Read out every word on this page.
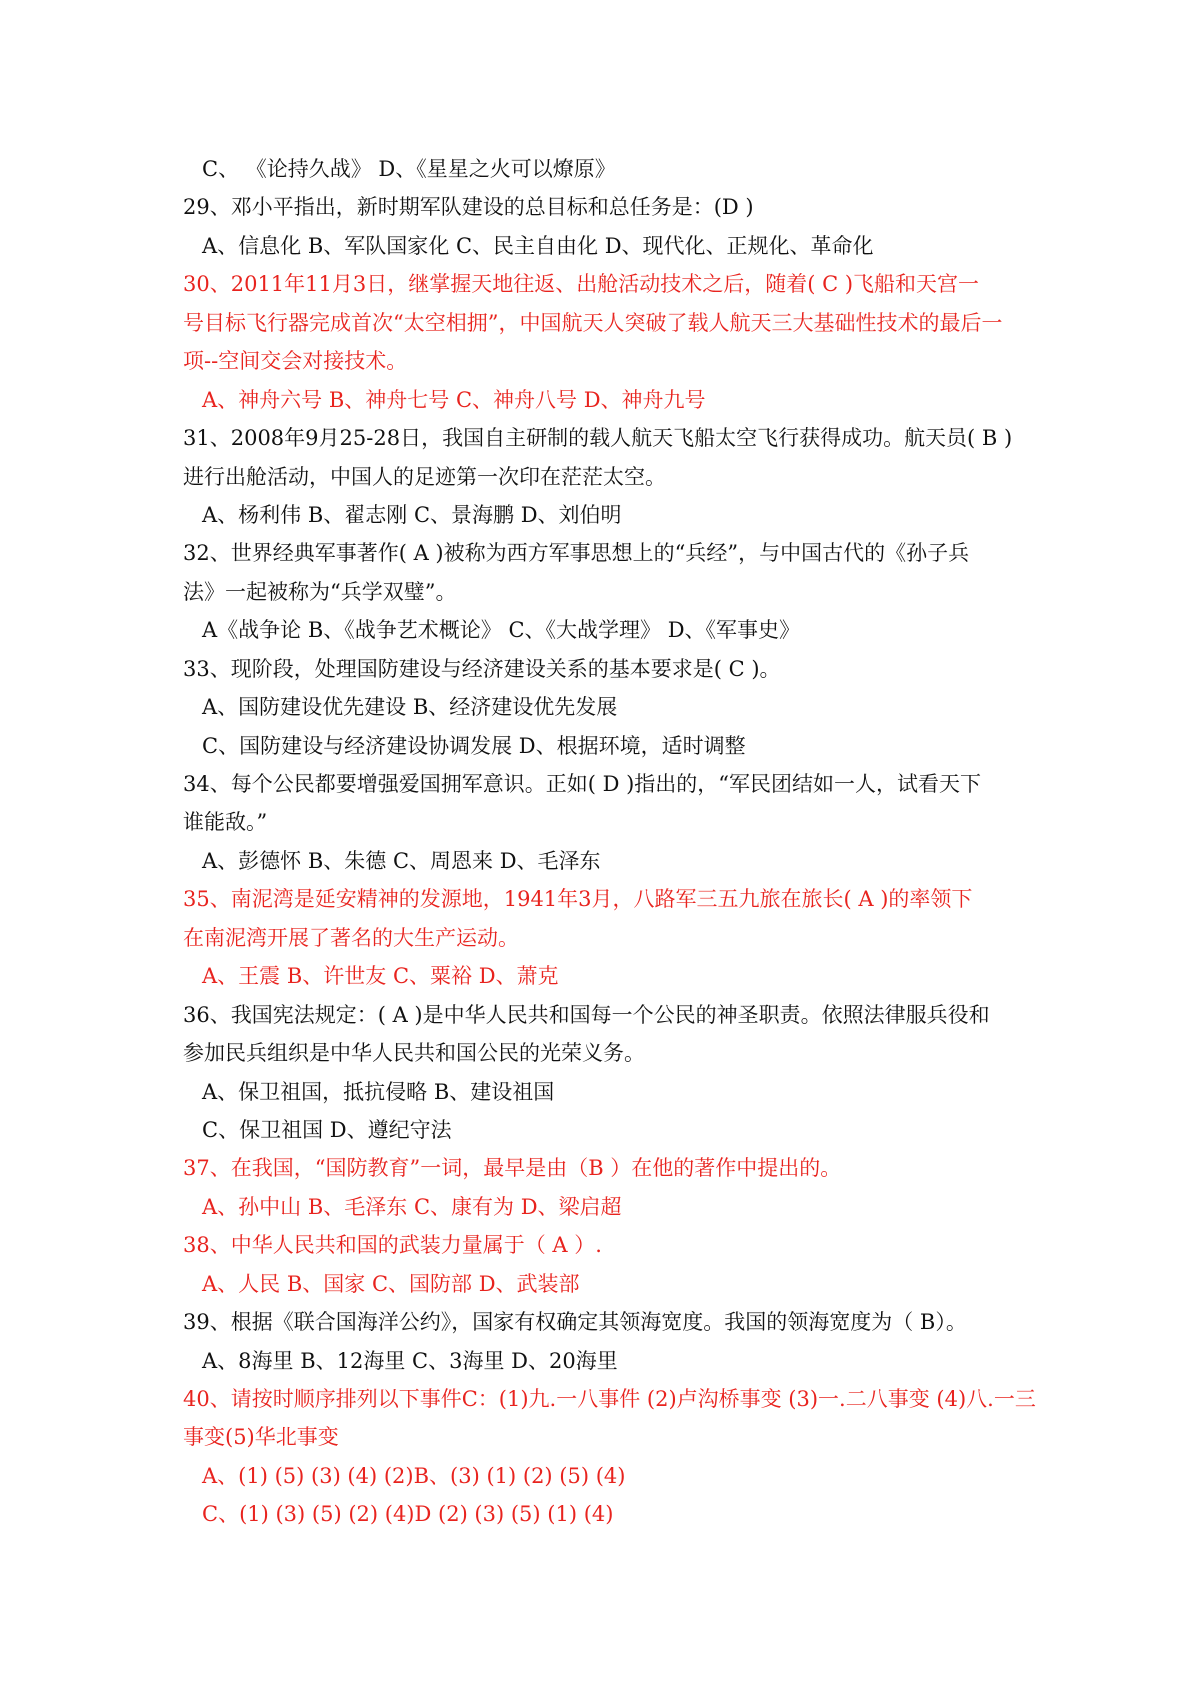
C、 《论持久战》 D、《星星之火可以燎原》
29、邓小平指出，新时期军队建设的总目标和总任务是：(D )
A、信息化 B、军队国家化 C、民主自由化 D、现代化、正规化、革命化
30、2011年11月3日，继掌握天地往返、出舱活动技术之后，随着( C )飞船和天宫一
号目标飞行器完成首次“太空相拥”，中国航天人突破了载人航天三大基础性技术的最后一
项--空间交会对接技术。
A、神舟六号 B、神舟七号 C、神舟八号 D、神舟九号
31、2008年9月25-28日，我国自主研制的载人航天飞船太空飞行获得成功。航天员( B )
进行出舱活动，中国人的足迹第一次印在茫茫太空。
A、杨利伟 B、翟志刚 C、景海鹏 D、刘伯明
32、世界经典军事著作( A )被称为西方军事思想上的“兵经”，与中国古代的《孙子兵
法》一起被称为“兵学双璧”。
A《战争论 B、《战争艺术概论》 C、《大战学理》 D、《军事史》
33、现阶段，处理国防建设与经济建设关系的基本要求是( C )。
A、国防建设优先建设 B、经济建设优先发展
C、国防建设与经济建设协调发展 D、根据环境，适时调整
34、每个公民都要增强爱国拥军意识。正如( D )指出的，“军民团结如一人，试看天下
谁能敌。”
A、彭德怀 B、朱德 C、周恩来 D、毛泽东
35、南泥湾是延安精神的发源地，1941年3月，八路军三五九旅在旅长( A )的率领下
在南泥湾开展了著名的大生产运动。
A、王震 B、许世友 C、粟裕 D、萧克
36、我国宪法规定：( A )是中华人民共和国每一个公民的神圣职责。依照法律服兵役和
参加民兵组织是中华人民共和国公民的光荣义务。
A、保卫祖国，抵抗侵略 B、建设祖国
C、保卫祖国 D、遵纪守法
37、在我国，“国防教育”一词，最早是由（B ）在他的著作中提出的。
A、孙中山 B、毛泽东 C、康有为 D、梁启超
38、中华人民共和国的武装力量属于（ A ）.
A、人民 B、国家 C、国防部 D、武装部
39、根据《联合国海洋公约》，国家有权确定其领海宽度。我国的领海宽度为（ B）。
A、8海里 B、12海里 C、3海里 D、20海里
40、请按时顺序排列以下事件C：(1)九.一八事件 (2)卢沟桥事变 (3)一.二八事变 (4)八.一三
事变(5)华北事变
A、(1) (5) (3) (4) (2)B、(3) (1) (2) (5) (4)
C、(1) (3) (5) (2) (4)D (2) (3) (5) (1) (4)
